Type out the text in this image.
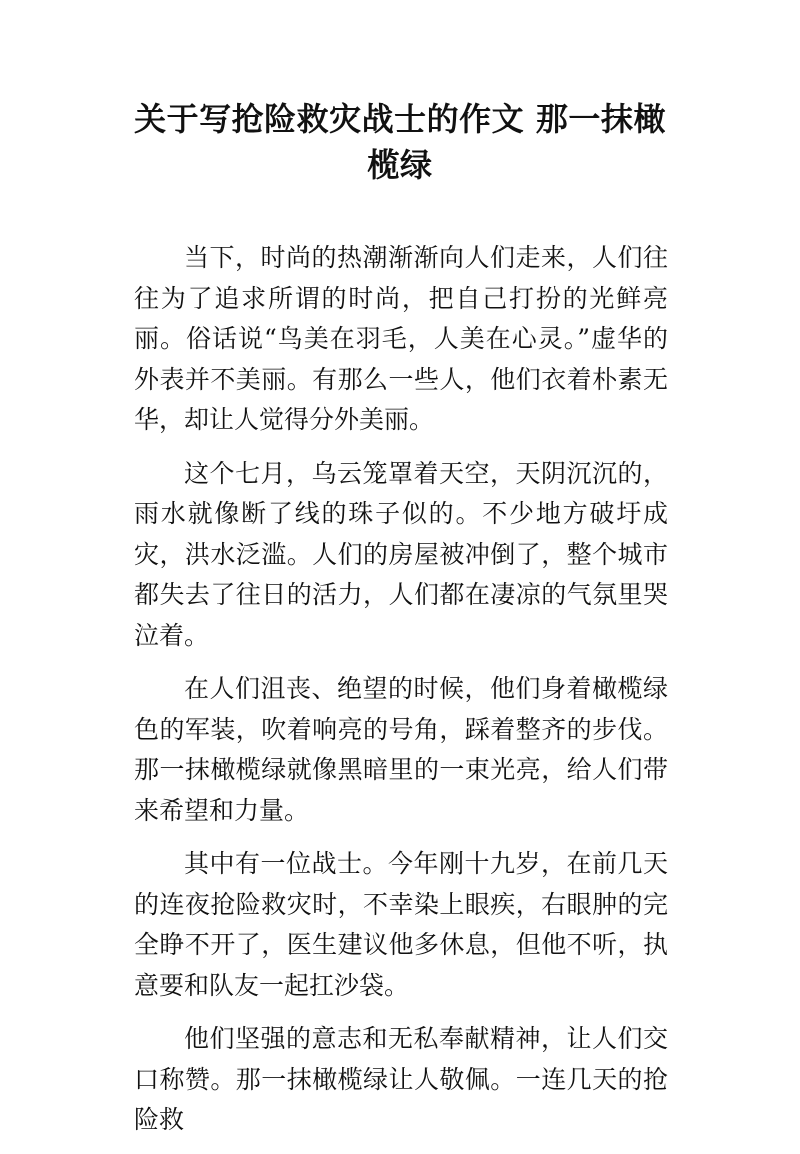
关于写抢险救灾战士的作文 那一抹橄榄绿

当下，时尚的热潮渐渐向人们走来，人们往往为了追求所谓的时尚，把自己打扮的光鲜亮丽。俗话说“鸟美在羽毛，人美在心灵。”虚华的外表并不美丽。有那么一些人，他们衣着朴素无华，却让人觉得分外美丽。

这个七月，乌云笼罩着天空，天阴沉沉的，雨水就像断了线的珠子似的。不少地方破圩成灾，洪水泛滥。人们的房屋被冲倒了，整个城市都失去了往日的活力，人们都在凄凉的气氛里哭泣着。

在人们沮丧、绝望的时候，他们身着橄榄绿色的军装，吹着响亮的号角，踩着整齐的步伐。那一抹橄榄绿就像黑暗里的一束光亮，给人们带来希望和力量。

其中有一位战士。今年刚十九岁，在前几天的连夜抢险救灾时，不幸染上眼疾，右眼肿的完全睁不开了，医生建议他多休息，但他不听，执意要和队友一起扛沙袋。

他们坚强的意志和无私奉献精神，让人们交口称赞。那一抹橄榄绿让人敬佩。一连几天的抢险救
